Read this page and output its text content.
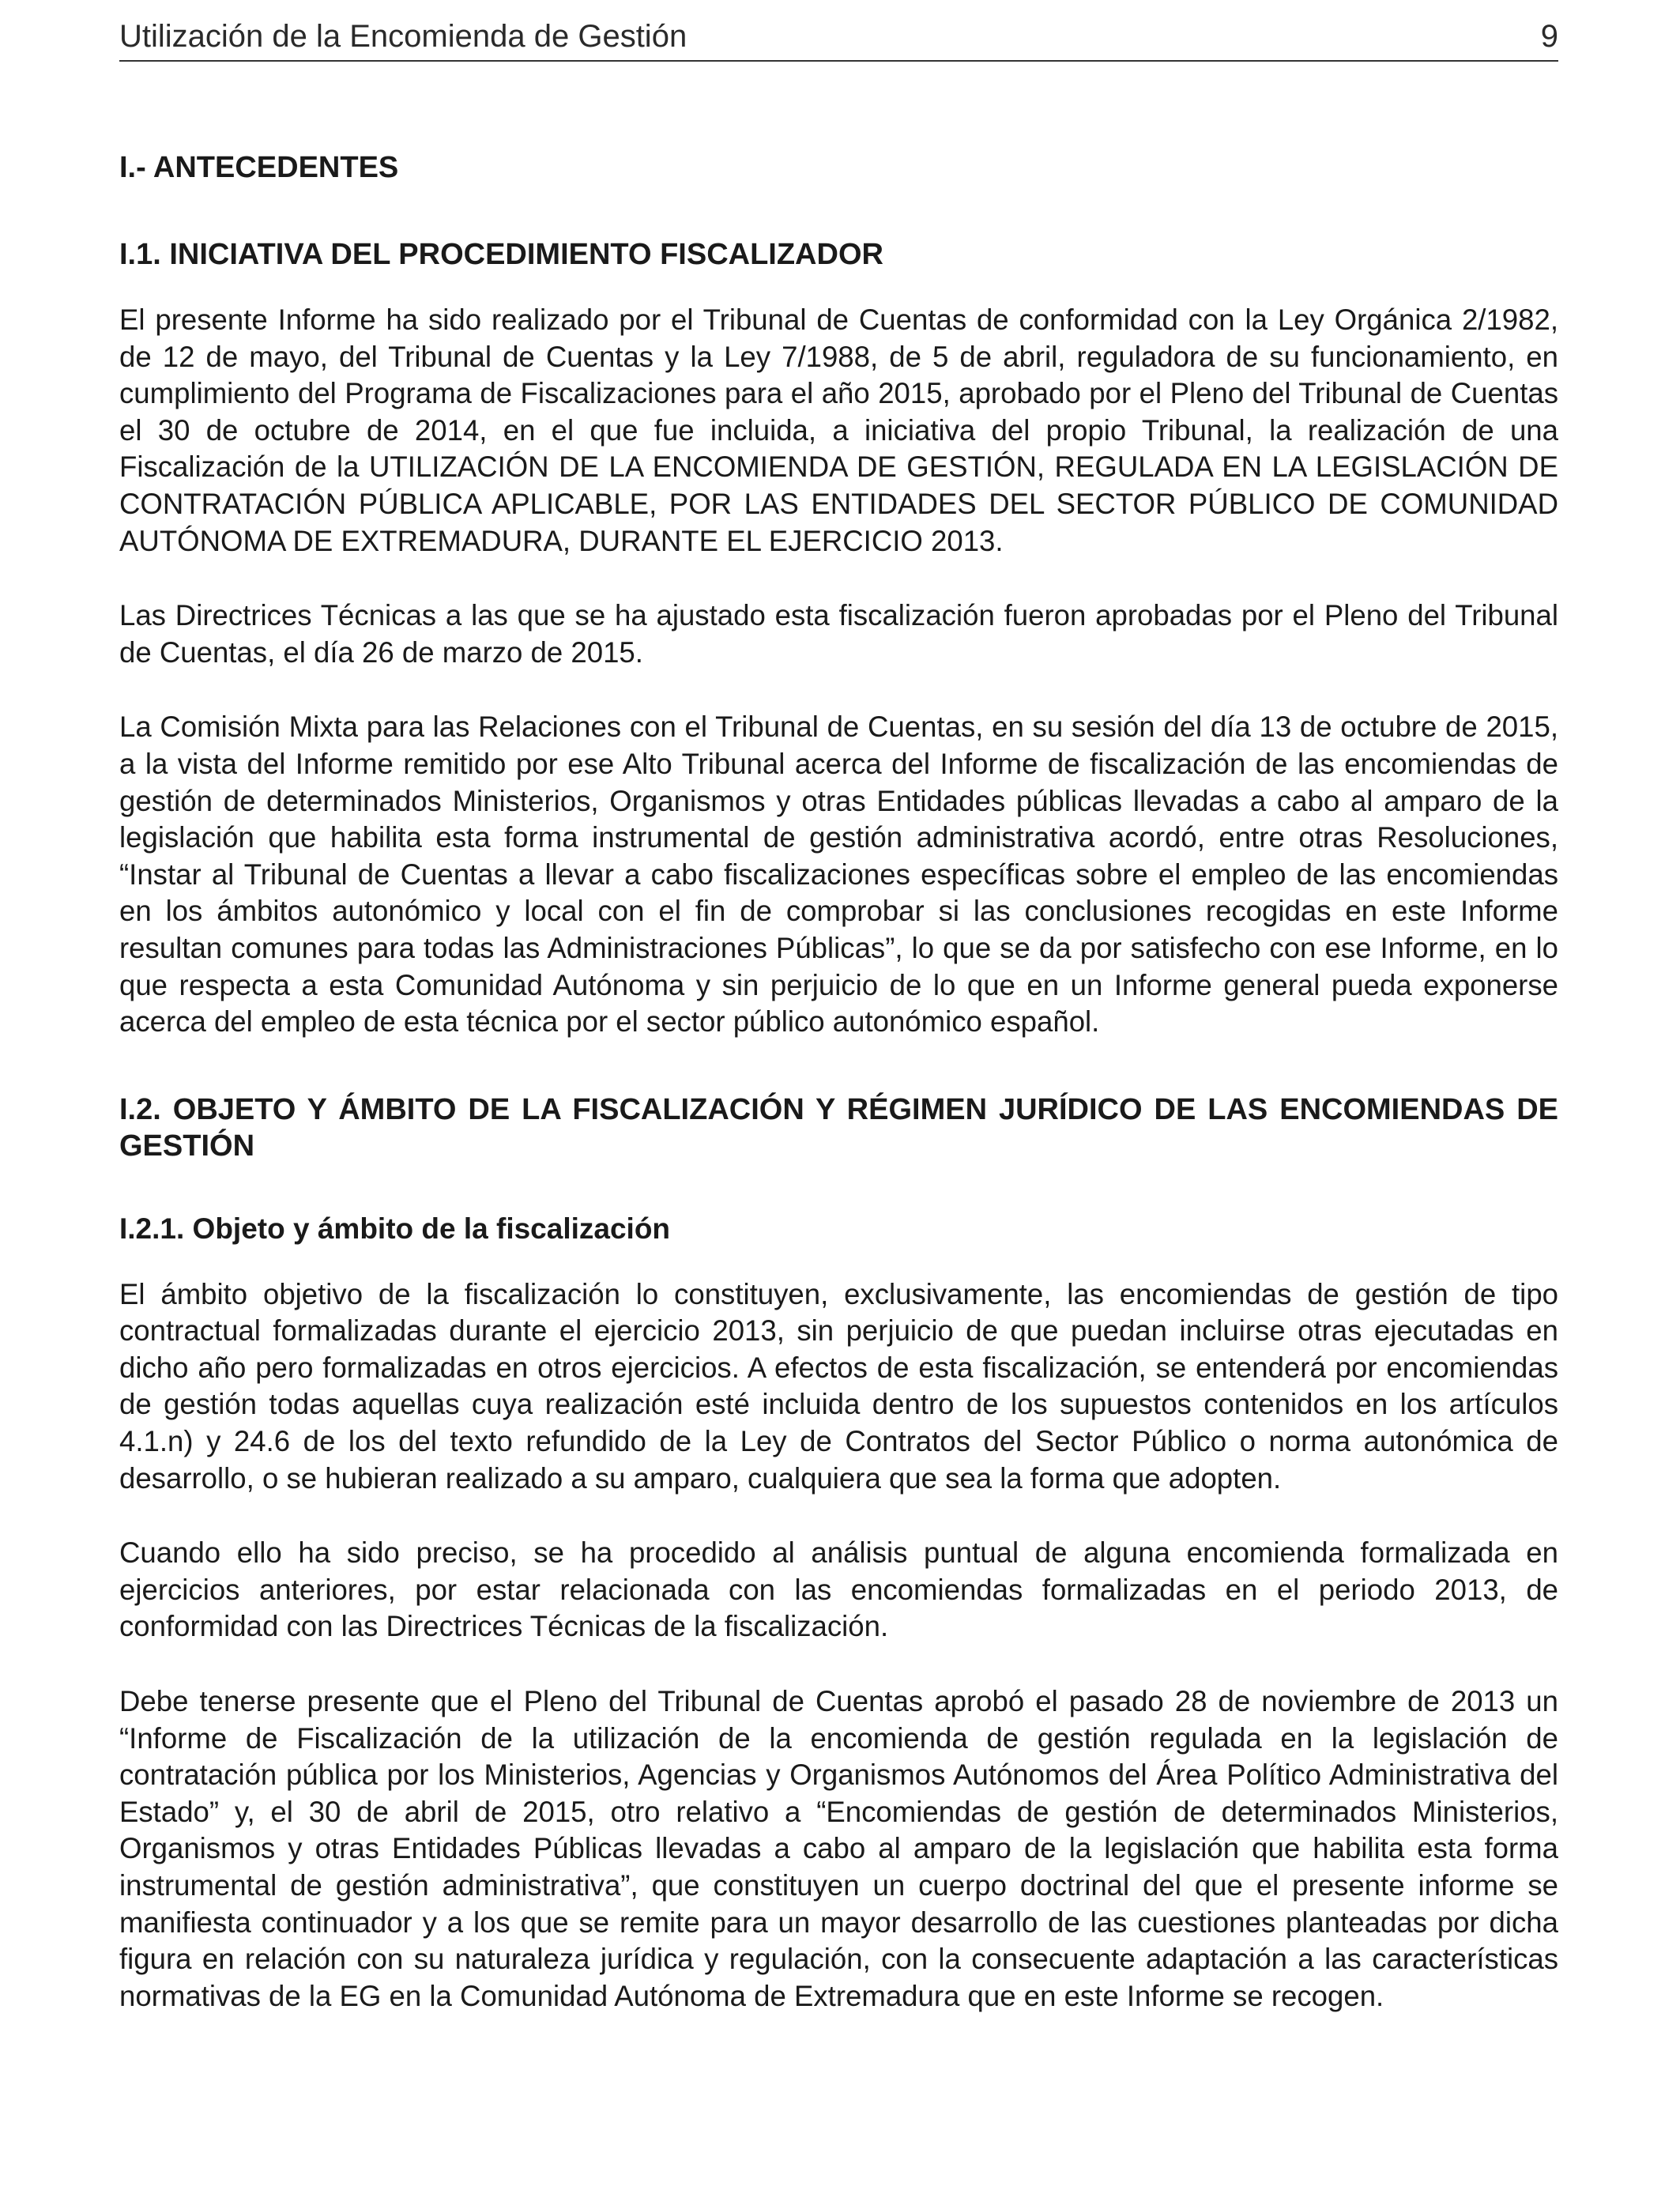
Utilización de la Encomienda de Gestión	9
I.- ANTECEDENTES
I.1. INICIATIVA DEL PROCEDIMIENTO FISCALIZADOR

El presente Informe ha sido realizado por el Tribunal de Cuentas de conformidad con la Ley Orgánica 2/1982, de 12 de mayo, del Tribunal de Cuentas y la Ley 7/1988, de 5 de abril, reguladora de su funcionamiento, en cumplimiento del Programa de Fiscalizaciones para el año 2015, aprobado por el Pleno del Tribunal de Cuentas el 30 de octubre de 2014, en el que fue incluida, a iniciativa del propio Tribunal, la realización de una Fiscalización de la UTILIZACIÓN DE LA ENCOMIENDA DE GESTIÓN, REGULADA EN LA LEGISLACIÓN DE CONTRATACIÓN PÚBLICA APLICABLE, POR LAS ENTIDADES DEL SECTOR PÚBLICO DE COMUNIDAD AUTÓNOMA DE EXTREMADURA, DURANTE EL EJERCICIO 2013.

Las Directrices Técnicas a las que se ha ajustado esta fiscalización fueron aprobadas por el Pleno del Tribunal de Cuentas, el día 26 de marzo de 2015.

La Comisión Mixta para las Relaciones con el Tribunal de Cuentas, en su sesión del día 13 de octubre de 2015, a la vista del Informe remitido por ese Alto Tribunal acerca del Informe de fiscalización de las encomiendas de gestión de determinados Ministerios, Organismos y otras Entidades públicas llevadas a cabo al amparo de la legislación que habilita esta forma instrumental de gestión administrativa acordó, entre otras Resoluciones, “Instar al Tribunal de Cuentas a llevar a cabo fiscalizaciones específicas sobre el empleo de las encomiendas en los ámbitos autonómico y local con el fin de comprobar si las conclusiones recogidas en este Informe resultan comunes para todas las Administraciones Públicas”, lo que se da por satisfecho con ese Informe, en lo que respecta a esta Comunidad Autónoma y sin perjuicio de lo que en un Informe general pueda exponerse acerca del empleo de esta técnica por el sector público autonómico español.

I.2. OBJETO Y ÁMBITO DE LA FISCALIZACIÓN Y RÉGIMEN JURÍDICO DE LAS ENCOMIENDAS DE GESTIÓN
I.2.1. Objeto y ámbito de la fiscalización

El ámbito objetivo de la fiscalización lo constituyen, exclusivamente, las encomiendas de gestión de tipo contractual formalizadas durante el ejercicio 2013, sin perjuicio de que puedan incluirse otras ejecutadas en dicho año pero formalizadas en otros ejercicios. A efectos de esta fiscalización, se entenderá por encomiendas de gestión todas aquellas cuya realización esté incluida dentro de los supuestos contenidos en los artículos 4.1.n) y 24.6 de los del texto refundido de la Ley de Contratos del Sector Público o norma autonómica de desarrollo, o se hubieran realizado a su amparo, cualquiera que sea la forma que adopten.

Cuando ello ha sido preciso, se ha procedido al análisis puntual de alguna encomienda formalizada en ejercicios anteriores, por estar relacionada con las encomiendas formalizadas en el periodo 2013, de conformidad con las Directrices Técnicas de la fiscalización.

Debe tenerse presente que el Pleno del Tribunal de Cuentas aprobó el pasado 28 de noviembre de 2013 un “Informe de Fiscalización de la utilización de la encomienda de gestión regulada en la legislación de contratación pública por los Ministerios, Agencias y Organismos Autónomos del Área Político Administrativa del Estado” y, el 30 de abril de 2015, otro relativo a “Encomiendas de gestión de determinados Ministerios, Organismos y otras Entidades Públicas llevadas a cabo al amparo de la legislación que habilita esta forma instrumental de gestión administrativa”, que constituyen un cuerpo doctrinal del que el presente informe se manifiesta continuador y a los que se remite para un mayor desarrollo de las cuestiones planteadas por dicha figura en relación con su naturaleza jurídica y regulación, con la consecuente adaptación a las características normativas de la EG en la Comunidad Autónoma de Extremadura que en este Informe se recogen.
